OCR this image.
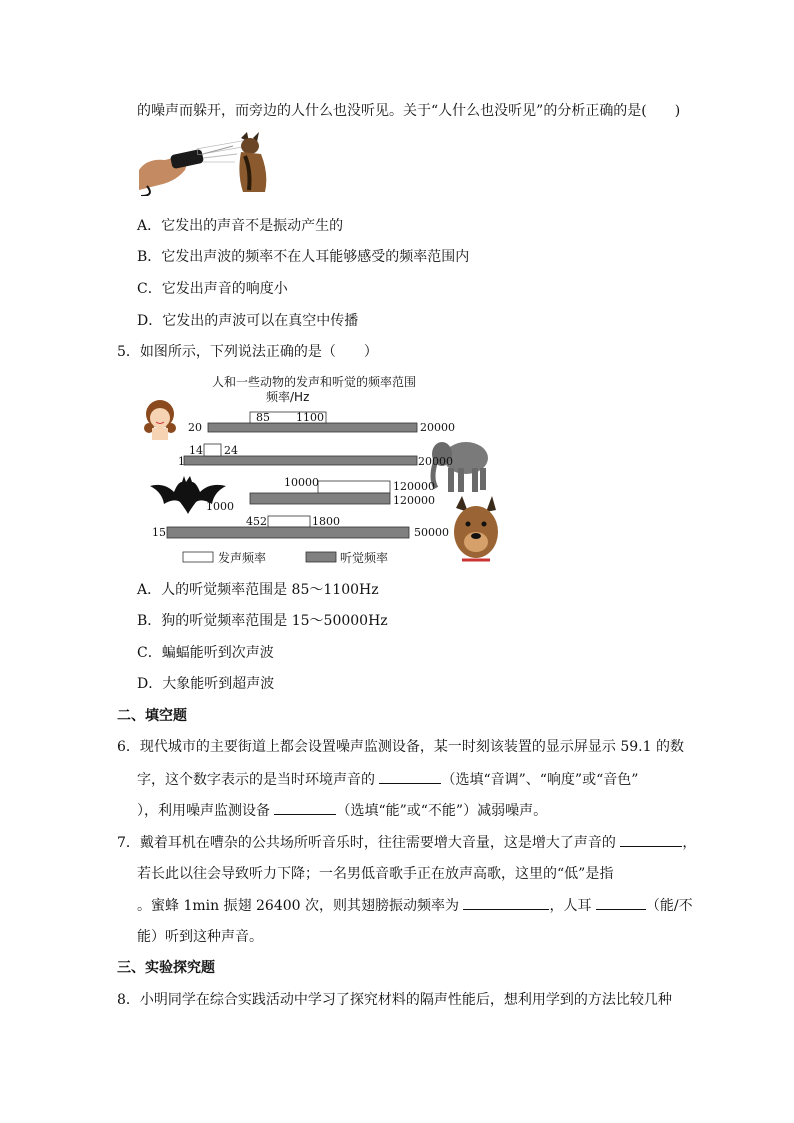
的噪声而躲开，而旁边的人什么也没听见。关于“人什么也没听见”的分析正确的是(　　)
A．它发出的声音不是振动产生的
B．它发出声波的频率不在人耳能够感受的频率范围内
C．它发出声音的响度小
D．它发出的声波可以在真空中传播
5．如图所示，下列说法正确的是（　　）
人和一些动物的发声和听觉的频率范围
频率/Hz
85 1100
20	20000
14 24
1	20000
10000	120000
1000	120000
452	1800
15	50000
发声频率	听觉频率
A．人的听觉频率范围是 85～1100Hz
B．狗的听觉频率范围是 15～50000Hz
C．蝙蝠能听到次声波
D．大象能听到超声波
二、填空题
6．现代城市的主要街道上都会设置噪声监测设备，某一时刻该装置的显示屏显示 59.1 的数
字，这个数字表示的是当时环境声音的	（选填“音调”、“响度”或“音色”
），利用噪声监测设备	（选填“能”或“不能”）减弱噪声。
7．戴着耳机在嘈杂的公共场所听音乐时，往往需要增大音量，这是增大了声音的	，
若长此以往会导致听力下降；一名男低音歌手正在放声高歌，这里的“低”是指
。蜜蜂 1min 振翅 26400 次，则其翅膀振动频率为	，人耳	（能/不
能）听到这种声音。
三、实验探究题
8．小明同学在综合实践活动中学习了探究材料的隔声性能后，想利用学到的方法比较几种
